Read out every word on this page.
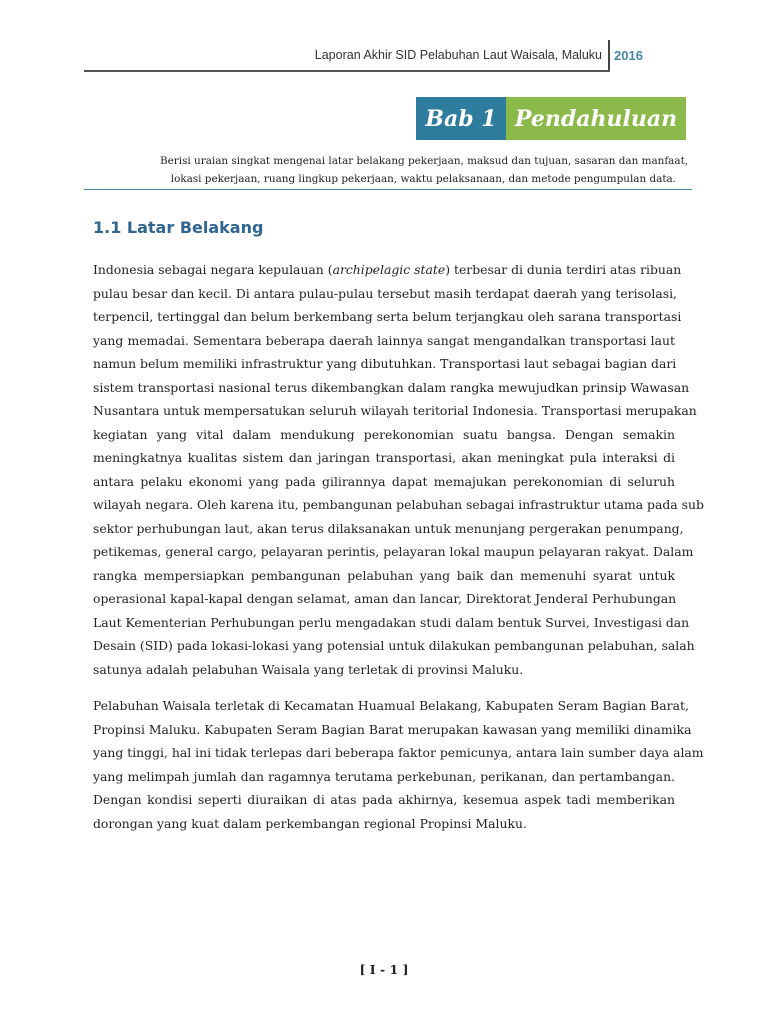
Laporan Akhir SID Pelabuhan Laut Waisala, Maluku 2016
Bab 1 Pendahuluan
Berisi uraian singkat mengenai latar belakang pekerjaan, maksud dan tujuan, sasaran dan manfaat,
lokasi pekerjaan, ruang lingkup pekerjaan, waktu pelaksanaan, dan metode pengumpulan data.
1.1 Latar Belakang
Indonesia sebagai negara kepulauan (archipelagic state) terbesar di dunia terdiri atas ribuan
pulau besar dan kecil. Di antara pulau-pulau tersebut masih terdapat daerah yang terisolasi,
terpencil, tertinggal dan belum berkembang serta belum terjangkau oleh sarana transportasi
yang memadai. Sementara beberapa daerah lainnya sangat mengandalkan transportasi laut
namun belum memiliki infrastruktur yang dibutuhkan. Transportasi laut sebagai bagian dari
sistem transportasi nasional terus dikembangkan dalam rangka mewujudkan prinsip Wawasan
Nusantara untuk mempersatukan seluruh wilayah teritorial Indonesia. Transportasi merupakan
kegiatan yang vital dalam mendukung perekonomian suatu bangsa. Dengan semakin
meningkatnya kualitas sistem dan jaringan transportasi, akan meningkat pula interaksi di
antara pelaku ekonomi yang pada gilirannya dapat memajukan perekonomian di seluruh
wilayah negara. Oleh karena itu, pembangunan pelabuhan sebagai infrastruktur utama pada sub
sektor perhubungan laut, akan terus dilaksanakan untuk menunjang pergerakan penumpang,
petikemas, general cargo, pelayaran perintis, pelayaran lokal maupun pelayaran rakyat. Dalam
rangka mempersiapkan pembangunan pelabuhan yang baik dan memenuhi syarat untuk
operasional kapal-kapal dengan selamat, aman dan lancar, Direktorat Jenderal Perhubungan
Laut Kementerian Perhubungan perlu mengadakan studi dalam bentuk Survei, Investigasi dan
Desain (SID) pada lokasi-lokasi yang potensial untuk dilakukan pembangunan pelabuhan, salah
satunya adalah pelabuhan Waisala yang terletak di provinsi Maluku.
Pelabuhan Waisala terletak di Kecamatan Huamual Belakang, Kabupaten Seram Bagian Barat,
Propinsi Maluku. Kabupaten Seram Bagian Barat merupakan kawasan yang memiliki dinamika
yang tinggi, hal ini tidak terlepas dari beberapa faktor pemicunya, antara lain sumber daya alam
yang melimpah jumlah dan ragamnya terutama perkebunan, perikanan, dan pertambangan.
Dengan kondisi seperti diuraikan di atas pada akhirnya, kesemua aspek tadi memberikan
dorongan yang kuat dalam perkembangan regional Propinsi Maluku.
[ I - 1 ]
